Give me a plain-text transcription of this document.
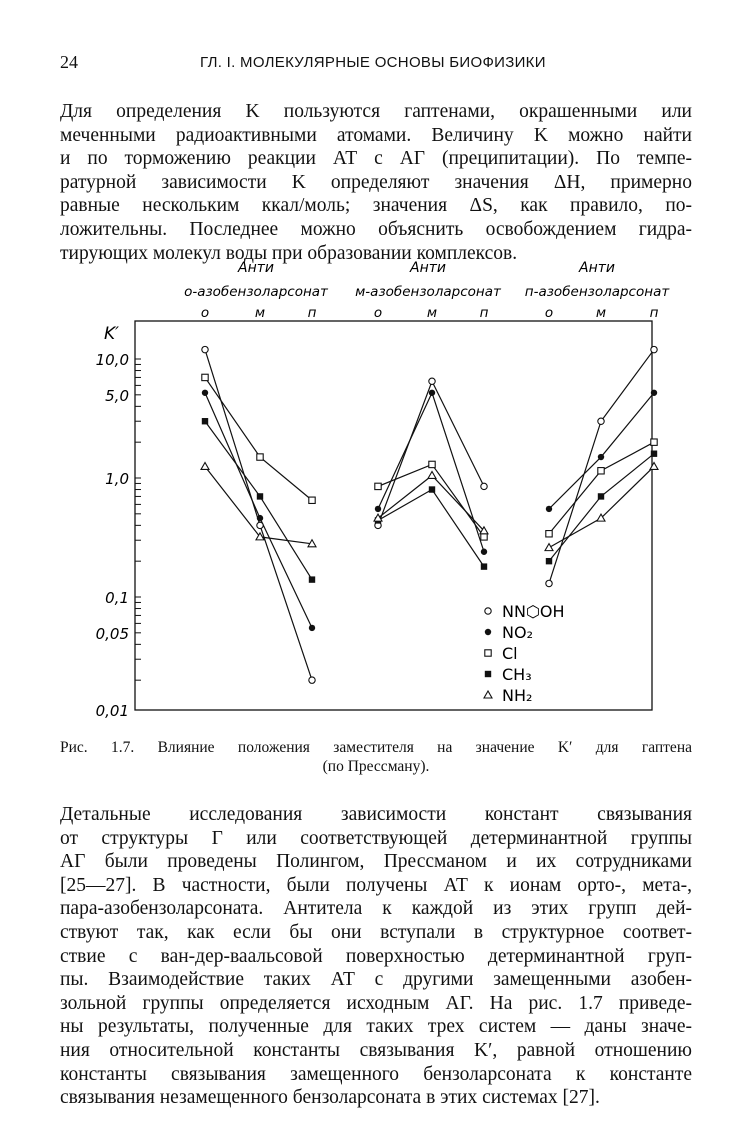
24	ГЛ. I. МОЛЕКУЛЯРНЫЕ ОСНОВЫ БИОФИЗИКИ
Для определения K пользуются гаптенами, окрашенными или
меченными радиоактивными атомами. Величину K можно найти
и по торможению реакции АТ с АГ (преципитации). По темпе-
ратурной зависимости K определяют значения ΔH, примерно
равные нескольким ккал/моль; значения ΔS, как правило, по-
ложительны. Последнее можно объяснить освобождением гидра-
тирующих молекул воды при образовании комплексов.
10,0
5,0
1,0
0,1
0,05
0,01
K′
Анти
о-азобензоларсонат
о	м	п
Анти
м-азобензоларсонат
о	м	п
Анти
п-азобензоларсонат
о	м	п
NN⬡OH
NO₂
Cl
CH₃
NH₂
Рис. 1.7. Влияние положения заместителя на значение K′ для гаптена
(по Прессману).
Детальные исследования зависимости констант связывания
от структуры Г или соответствующей детерминантной группы
АГ были проведены Полингом, Прессманом и их сотрудниками
[25—27]. В частности, были получены АТ к ионам орто-, мета-,
пара-азобензоларсоната. Антитела к каждой из этих групп дей-
ствуют так, как если бы они вступали в структурное соответ-
ствие с ван-дер-ваальсовой поверхностью детерминантной груп-
пы. Взаимодействие таких АТ с другими замещенными азобен-
зольной группы определяется исходным АГ. На рис. 1.7 приведе-
ны результаты, полученные для таких трех систем — даны значе-
ния относительной константы связывания K′, равной отношению
константы связывания замещенного бензоларсоната к константе
связывания незамещенного бензоларсоната в этих системах [27].
